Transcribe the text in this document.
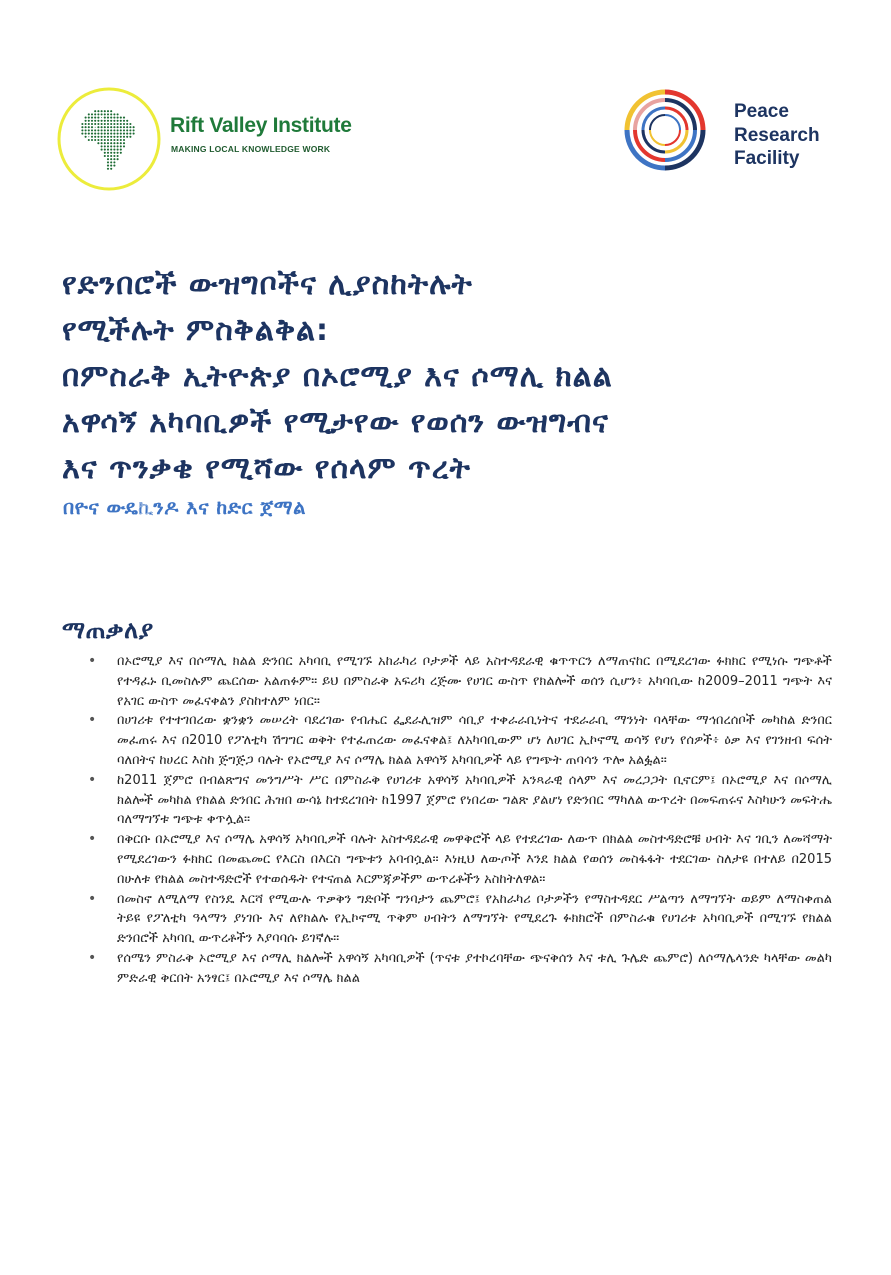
Rift Valley Institute
MAKING LOCAL KNOWLEDGE WORK
Peace
Research
Facility
የድንበሮች ውዝግቦችና ሊያስከትሉት
የሚችሉት ምስቅልቅል:
በምስራቅ ኢትዮጵያ በኦሮሚያ እና ሶማሊ ክልል
አዋሳኝ አካባቢዎች የሚታየው የወሰን ውዝግብና
እና ጥንቃቄ የሚሻው የሰላም ጥረት
በዮና ውዴኪንዶ እና ከድር ጀማል
ማጠቃለያ
• በኦሮሚያ እና በሶማሊ ክልል ድንበር አካባቢ የሚገኙ አከራካሪ ቦታዎች ላይ አስተዳደራዊ ቁጥጥርን ለማጠናከር በሚደረገው ፉክክር የሚነሱ ግጭቶች የተዳፈኑ ቢመስሉም ጨርሰው አልጠፉም። ይህ በምስራቅ አፍሪካ ረጅሙ የሀገር ውስጥ የክልሎች ወሰን ሲሆን፥ አካባቢው ከ2009–2011 ግጭት እና የአገር ውስጥ መፈናቀልን ያስከተለም ነበር።
• በሀገሪቱ የተተገበረው ቋንቋን መሠረት ባደረገው የብሔር ፌደራሊዝም ሳቢያ ተቀራራቢነትና ተደራራቢ ማንነት ባላቸው ማኅበረሰቦች መካከል ድንበር መፈጠሩ እና በ2010 የፖለቲካ ሽግግር ወቅት የተፈጠረው መፈናቀል፤ ለአካባቢውም ሆነ ለሀገር ኢኮኖሚ ወሳኝ የሆነ የሰዎች፥ ዕቃ እና የገንዘብ ፍሰት ባለበትና ከሀረር እስከ ጅግጅጋ ባሉት የኦሮሚያ እና ሶማሌ ክልል አዋሳኝ አካባቢዎች ላይ የግጭት ጠባሳን ጥሎ አልፏል።
• ከ2011 ጀምሮ በብልጽግና መንግሥት ሥር በምስራቅ የሀገሪቱ አዋሳኝ አካባቢዎች አንጻራዊ ሰላም እና መረጋጋት ቢኖርም፤ በኦሮሚያ እና በሶማሊ ክልሎች መካከል የክልል ድንበር ሕዝበ ውሳኔ ከተደረገበት ከ1997 ጀምሮ የነበረው ግልጽ ያልሆነ የድንበር ማካለል ውጥረት በመፍጠሩና እስካሁን መፍትሔ ባለማግኘቱ ግጭቱ ቀጥሏል።
• በቅርቡ በኦሮሚያ እና ሶማሌ አዋሳኝ አካባቢዎች ባሉት አስተዳደራዊ መዋቅሮች ላይ የተደረገው ለውጥ በክልል መስተዳድሮቹ ሀብት እና ገቢን ለመሻማት የሚደረገውን ፉክክር በመጨመር የእርስ በእርስ ግጭቱን አባብሷል። እነዚህ ለውጦች እንደ ክልል የወሰን መስፋፋት ተደርገው ስለታዩ በተለይ በ2015 በሁለቱ የክልል መስተዳድሮች የተወሰዱት የተናጠል እርምጃዎችም ውጥረቶችን አስከትለዋል።
• በመስኖ ለሚለማ የስንዴ እርሻ የሚውሉ ጥቃቅን ግድቦች ግንባታን ጨምሮ፤ የአከራካሪ ቦታዎችን የማስተዳደር ሥልጣን ለማግኘት ወይም ለማስቀጠል ትይዩ የፖለቲካ ዓላማን ያነገቡ እና ለየክልሉ የኢኮኖሚ ጥቅም ሀብትን ለማግኘት የሚደረጉ ፉክክሮች በምስራቁ የሀገሪቱ አካባቢዎች በሚገኙ የክልል ድንበሮች አካባቢ ውጥረቶችን እያባባሱ ይገኛሉ።
• የሰሜን ምስራቅ ኦሮሚያ እና ሶማሊ ክልሎች አዋሳኝ አካባቢዎች (ጥናቱ ያተኮረባቸው ጭናቅሰን እና ቱሊ ጉሌድ ጨምሮ) ለሶማሌላንድ ካላቸው መልካ ምድራዊ ቅርበት አንፃር፤ በኦሮሚያ እና ሶማሌ ክልል
